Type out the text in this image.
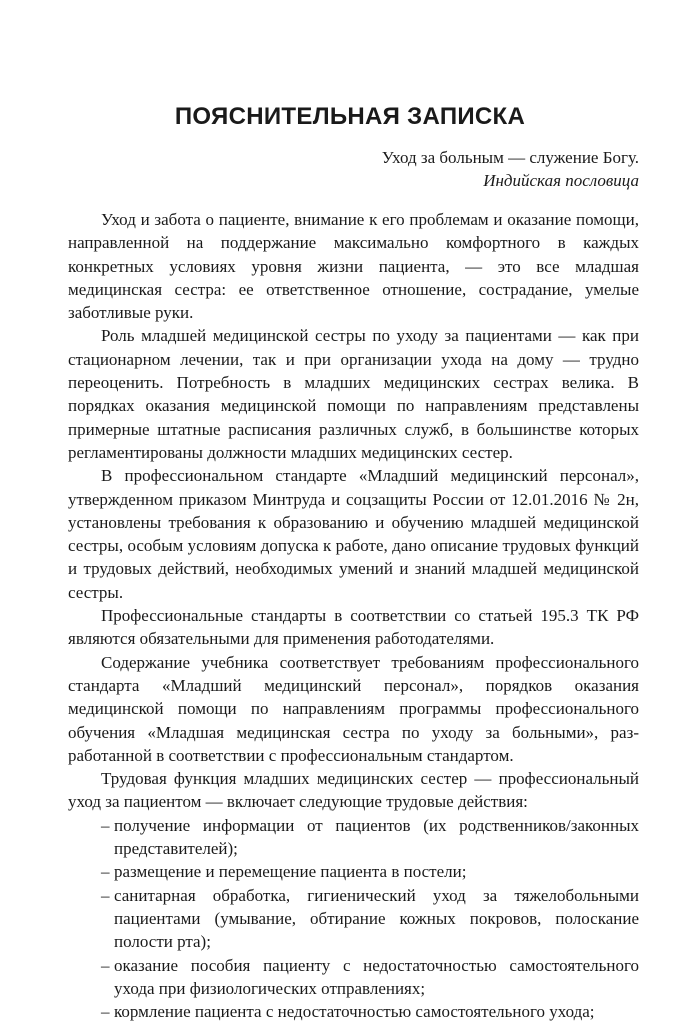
ПОЯСНИТЕЛЬНАЯ ЗАПИСКА
Уход за больным — служение Богу.
Индийская пословица

Уход и забота о пациенте, внимание к его проблемам и оказание помощи, направленной на поддержание максимально комфортного в каждых конкретных условиях уровня жизни пациента, — это все младшая медицинская сестра: ее ответственное отношение, сострадание, умелые заботливые руки.

Роль младшей медицинской сестры по уходу за пациентами — как при стационарном лечении, так и при организации ухода на дому — трудно переоценить. Потребность в младших медицинских сестрах велика. В порядках оказания медицинской помощи по направлениям представлены примерные штатные расписания различных служб, в большинстве которых регламентированы должности младших медицинских сестер.

В профессиональном стандарте «Младший медицинский персонал», утвержденном приказом Минтруда и соцзащиты России от 12.01.2016 № 2н, установлены требования к образованию и обучению младшей медицинской сестры, особым условиям допуска к работе, дано описание трудовых функций и трудовых действий, необходимых умений и знаний младшей медицинской сестры.

Профессиональные стандарты в соответствии со статьей 195.3 ТК РФ являются обязательными для применения работодателями.

Содержание учебника соответствует требованиям профессионального стандарта «Младший медицинский персонал», порядков оказания медицинской помощи по направлениям программы профессионального обучения «Младшая медицинская сестра по уходу за больными», разработанной в соответствии с профессиональным стандартом.

Трудовая функция младших медицинских сестер — профессиональный уход за пациентом — включает следующие трудовые действия:

– получение информации от пациентов (их родственников/законных представителей);
– размещение и перемещение пациента в постели;
– санитарная обработка, гигиенический уход за тяжелобольными пациентами (умывание, обтирание кожных покровов, полоскание полости рта);
– оказание пособия пациенту с недостаточностью самостоятельного ухода при физиологических отправлениях;
– кормление пациента с недостаточностью самостоятельного ухода;
